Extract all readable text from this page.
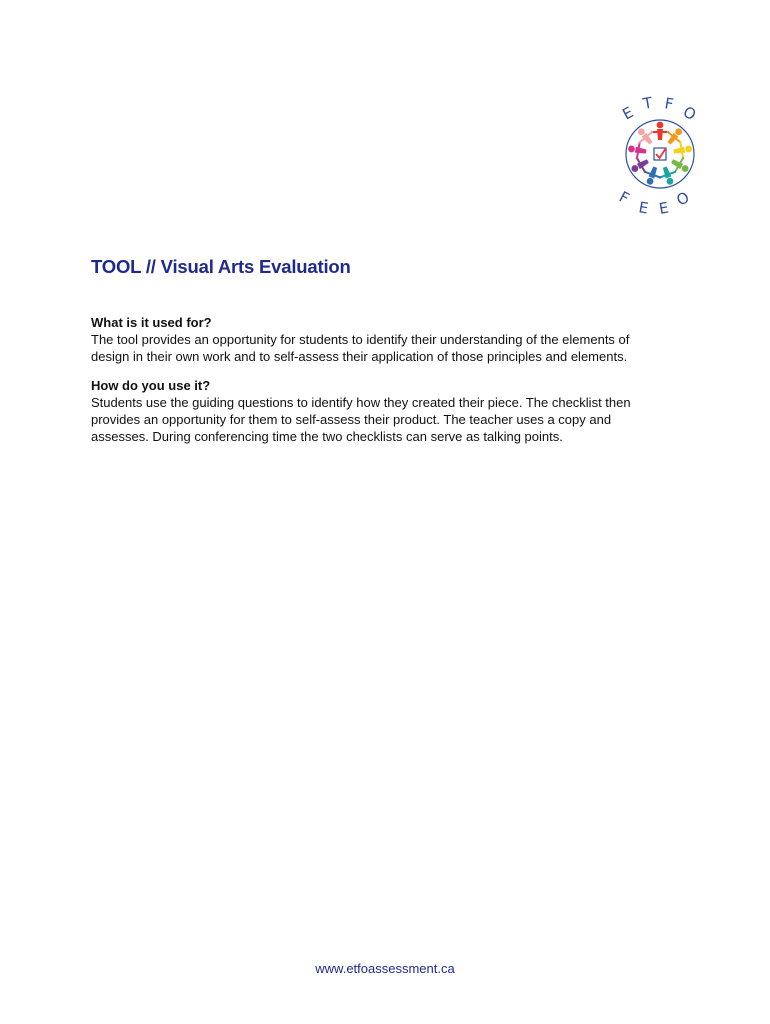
E T F O
F
E E O
TOOL // Visual Arts Evaluation

What is it used for?

The tool provides an opportunity for students to identify their understanding of the elements of
design in their own work and to self-assess their application of those principles and elements.

How do you use it?

Students use the guiding questions to identify how they created their piece. The checklist then
provides an opportunity for them to self-assess their product. The teacher uses a copy and
assesses. During conferencing time the two checklists can serve as talking points.

www.etfoassessment.ca
